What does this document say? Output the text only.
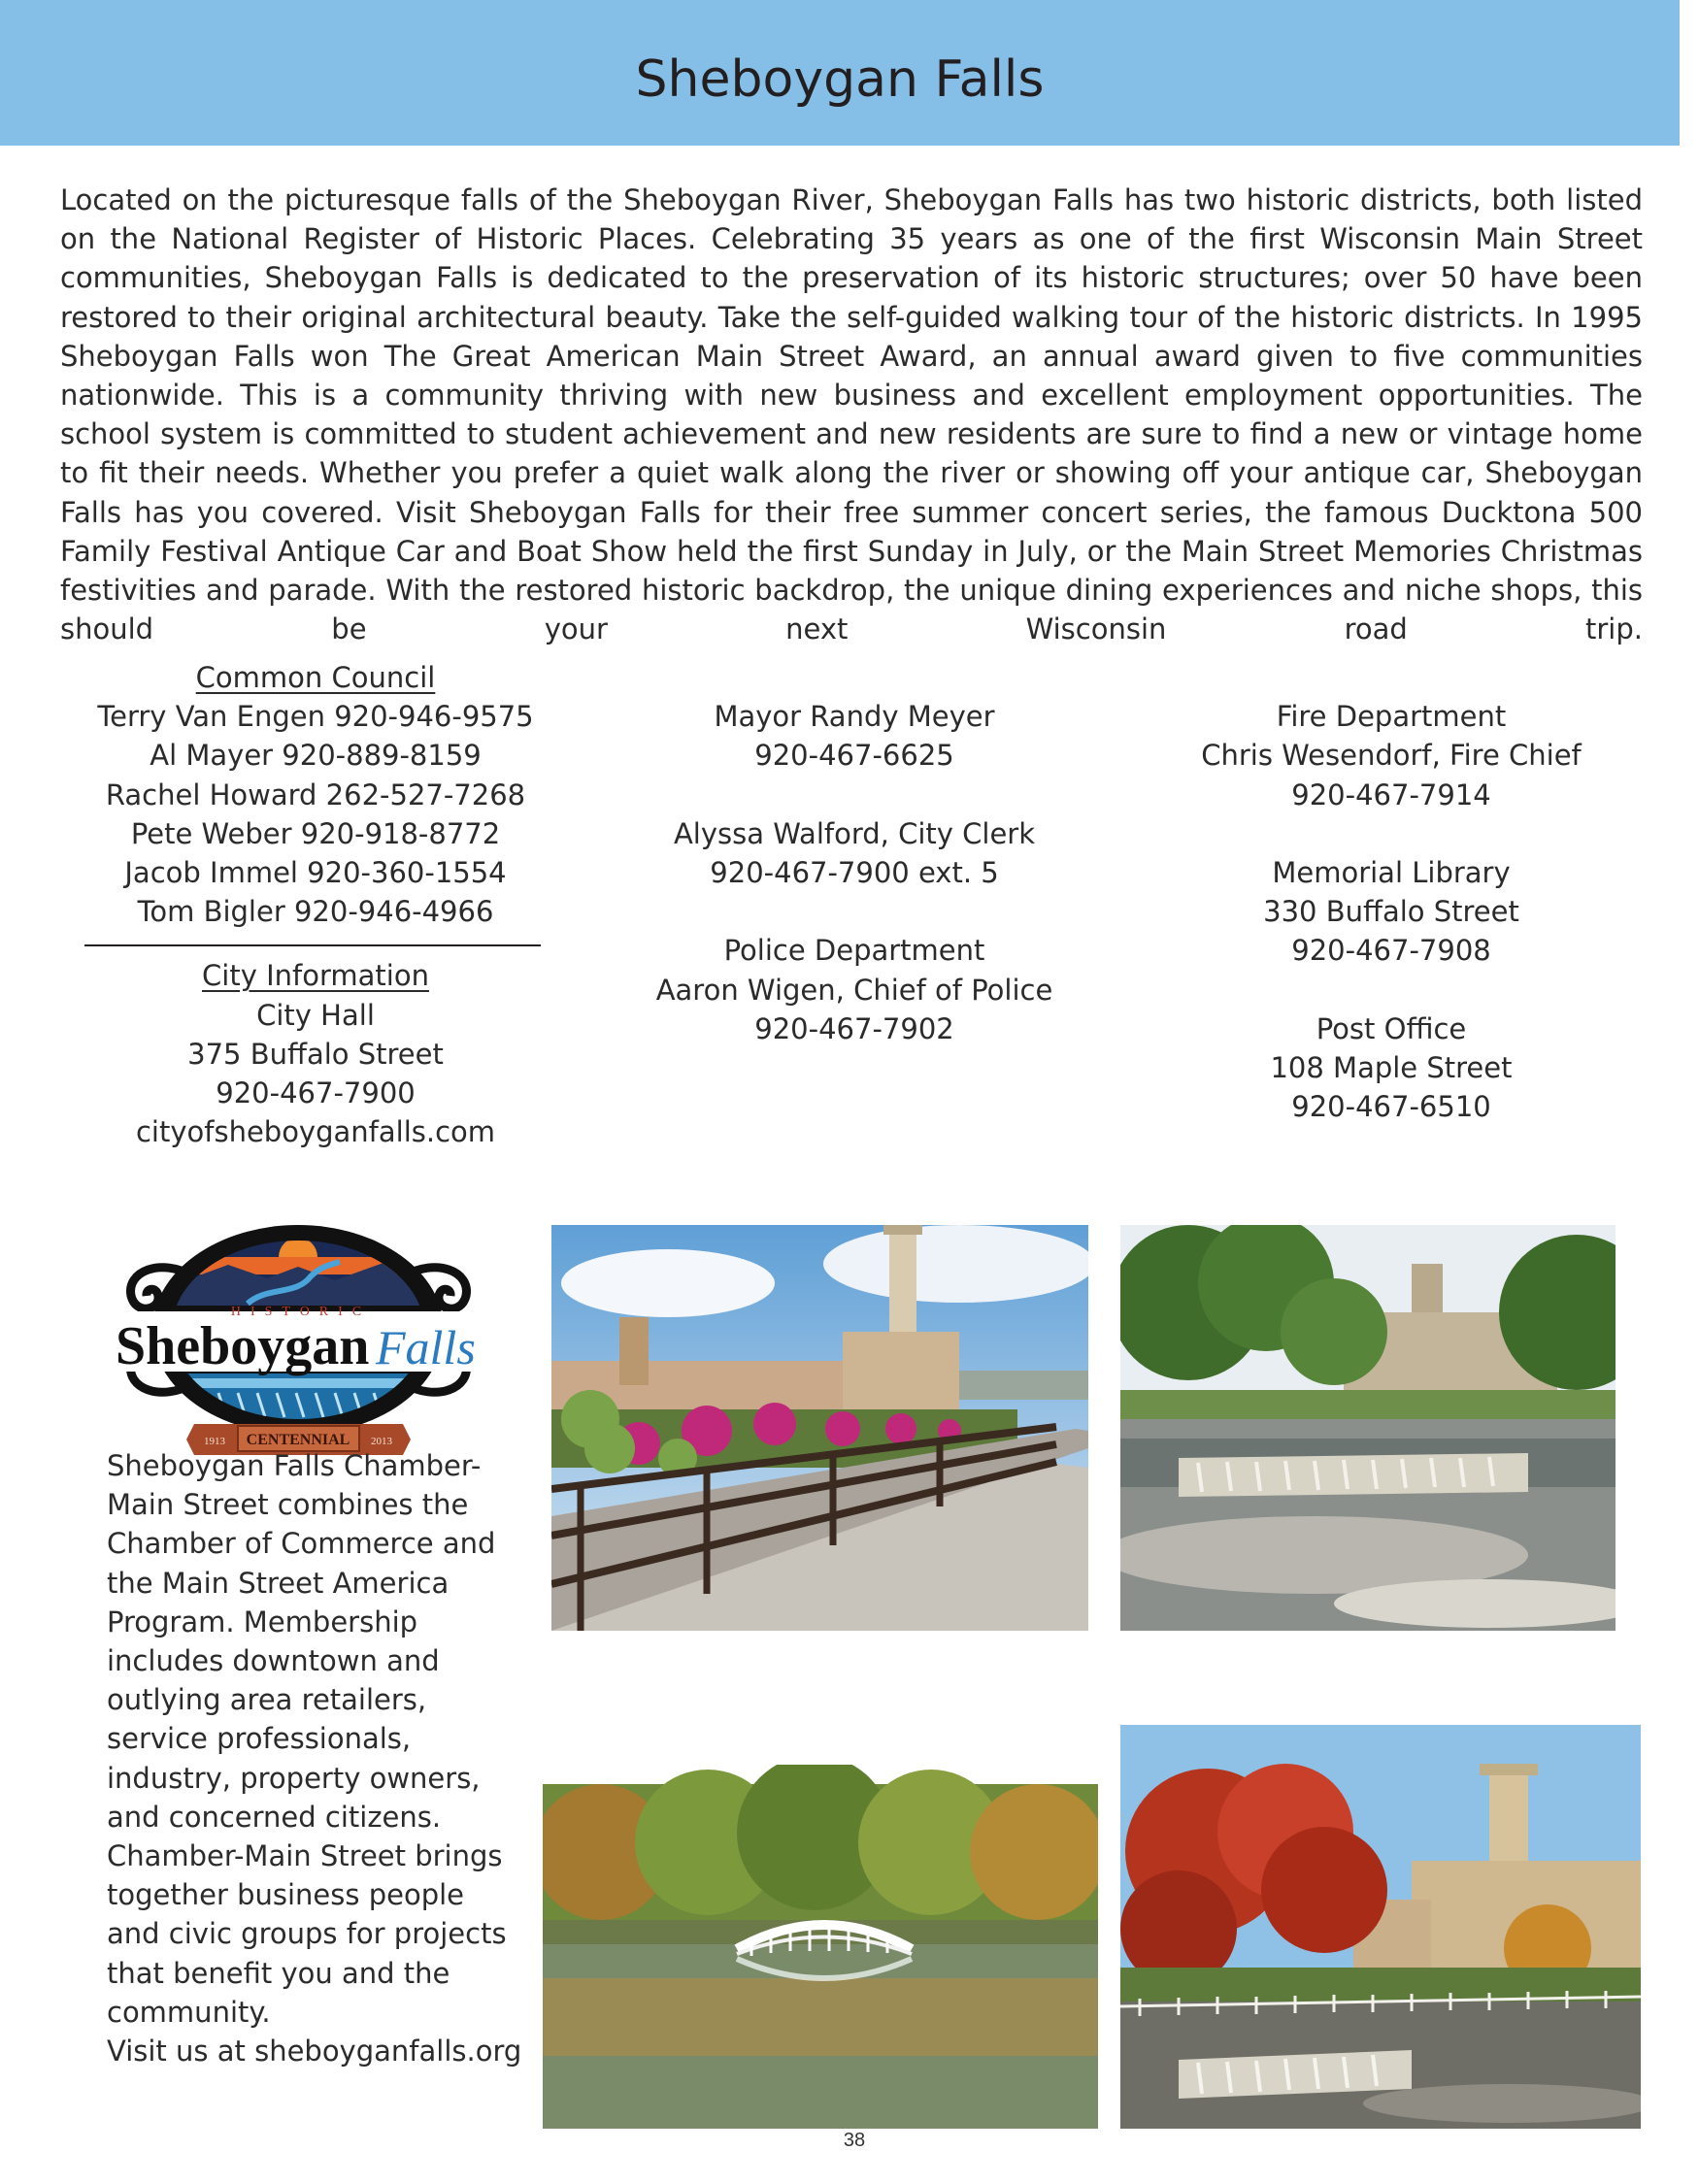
Sheboygan Falls

Located on the picturesque falls of the Sheboygan River, Sheboygan Falls has two historic districts, both listed on the National Register of Historic Places. Celebrating 35 years as one of the first Wisconsin Main Street communities, Sheboygan Falls is dedicated to the preservation of its historic structures; over 50 have been restored to their original architectural beauty. Take the self-guided walking tour of the historic districts. In 1995 Sheboygan Falls won The Great American Main Street Award, an annual award given to five communities nationwide. This is a community thriving with new business and excellent employment opportunities. The school system is committed to student achievement and new residents are sure to find a new or vintage home to fit their needs. Whether you prefer a quiet walk along the river or showing off your antique car, Sheboygan Falls has you covered. Visit Sheboygan Falls for their free summer concert series, the famous Ducktona 500 Family Festival Antique Car and Boat Show held the first Sunday in July, or the Main Street Memories Christmas festivities and parade. With the restored historic backdrop, the unique dining experiences and niche shops, this should be your next Wisconsin road trip.

Common Council
Terry Van Engen 920-946-9575
Al Mayer 920-889-8159
Rachel Howard 262-527-7268
Pete Weber 920-918-8772
Jacob Immel 920-360-1554
Tom Bigler 920-946-4966
City Information
City Hall
375 Buffalo Street
920-467-7900
cityofsheboyganfalls.com
Mayor Randy Meyer
920-467-6625
Alyssa Walford, City Clerk
920-467-7900 ext. 5
Police Department
Aaron Wigen, Chief of Police
920-467-7902
Fire Department
Chris Wesendorf, Fire Chief
920-467-7914
Memorial Library
330 Buffalo Street
920-467-7908
Post Office
108 Maple Street
920-467-6510
HISTORIC
Sheboygan Falls
CENTENNIAL
1913	2013
Sheboygan Falls Chamber-
Main Street combines the
Chamber of Commerce and
the Main Street America
Program. Membership
includes downtown and
outlying area retailers,
service professionals,
industry, property owners,
and concerned citizens.
Chamber-Main Street brings
together business people
and civic groups for projects
that benefit you and the
community.
Visit us at sheboyganfalls.org
38
